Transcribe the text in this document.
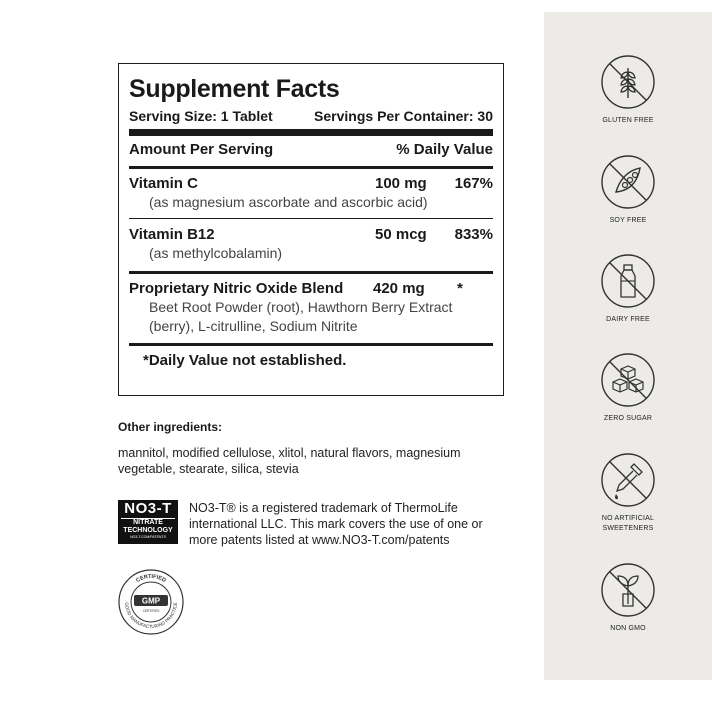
Supplement Facts
Serving Size: 1 Tablet	Servings Per Container: 30
Amount Per Serving	% Daily Value
Vitamin C	100 mg	167%
(as magnesium ascorbate and ascorbic acid)
Vitamin B12	50 mcg	833%
(as methylcobalamin)
Proprietary Nitric Oxide Blend	420 mg	*
Beet Root Powder (root), Hawthorn Berry Extract
(berry), L-citrulline, Sodium Nitrite
*Daily Value not established.
Other ingredients:
mannitol, modified cellulose, xlitol, natural flavors, magnesium
vegetable, stearate, silica, stevia
NO3-T
NITRATE TECHNOLOGY
NO3-T.COM/PATENTS
NO3-T® is a registered trademark of ThermoLife
international LLC. This mark covers the use of one or
more patents listed at www.NO3-T.com/patents
CERTIFIED
GOOD MANUFACTURING PRACTICE
GMP
CERTIFIED
GLUTEN FREE
SOY FREE
DAIRY FREE
ZERO SUGAR
NO ARTIFICIAL
SWEETENERS
NON GMO
